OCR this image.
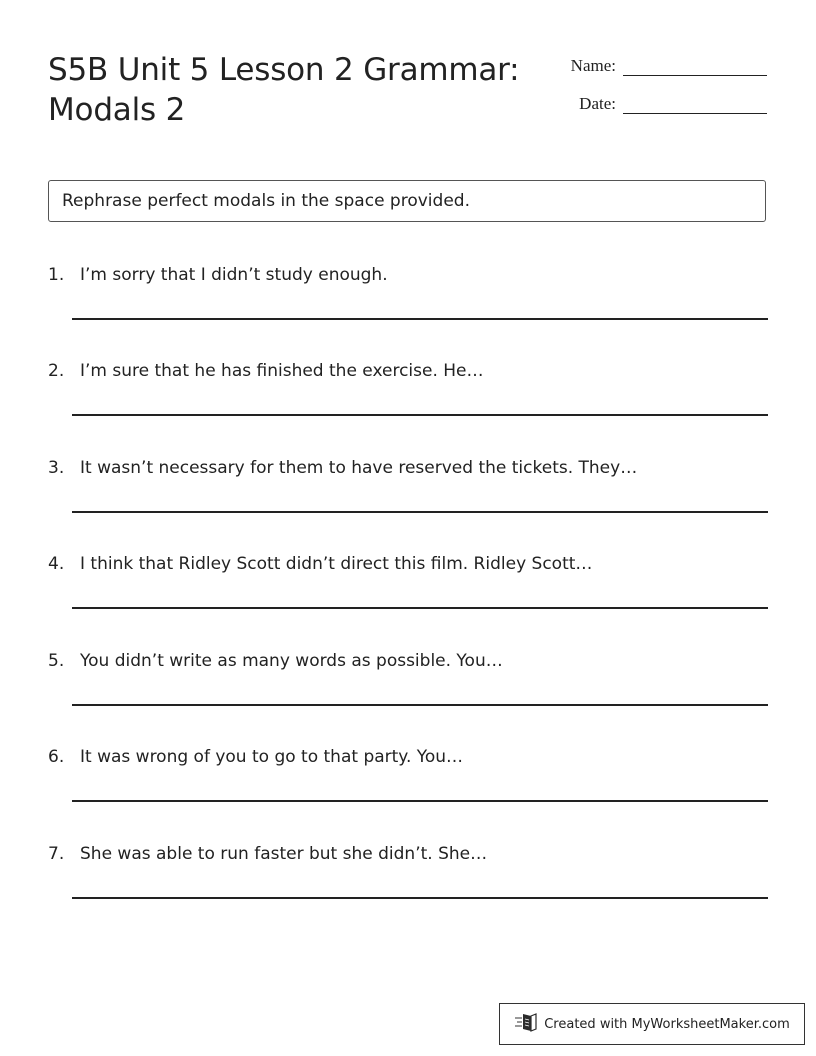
S5B Unit 5 Lesson 2 Grammar:
Modals 2
Name:
Date:
Rephrase perfect modals in the space provided.
1. I’m sorry that I didn’t study enough.
2. I’m sure that he has finished the exercise. He…
3. It wasn’t necessary for them to have reserved the tickets. They…
4. I think that Ridley Scott didn’t direct this film. Ridley Scott…
5. You didn’t write as many words as possible. You…
6. It was wrong of you to go to that party. You…
7. She was able to run faster but she didn’t. She…
Created with MyWorksheetMaker.com
